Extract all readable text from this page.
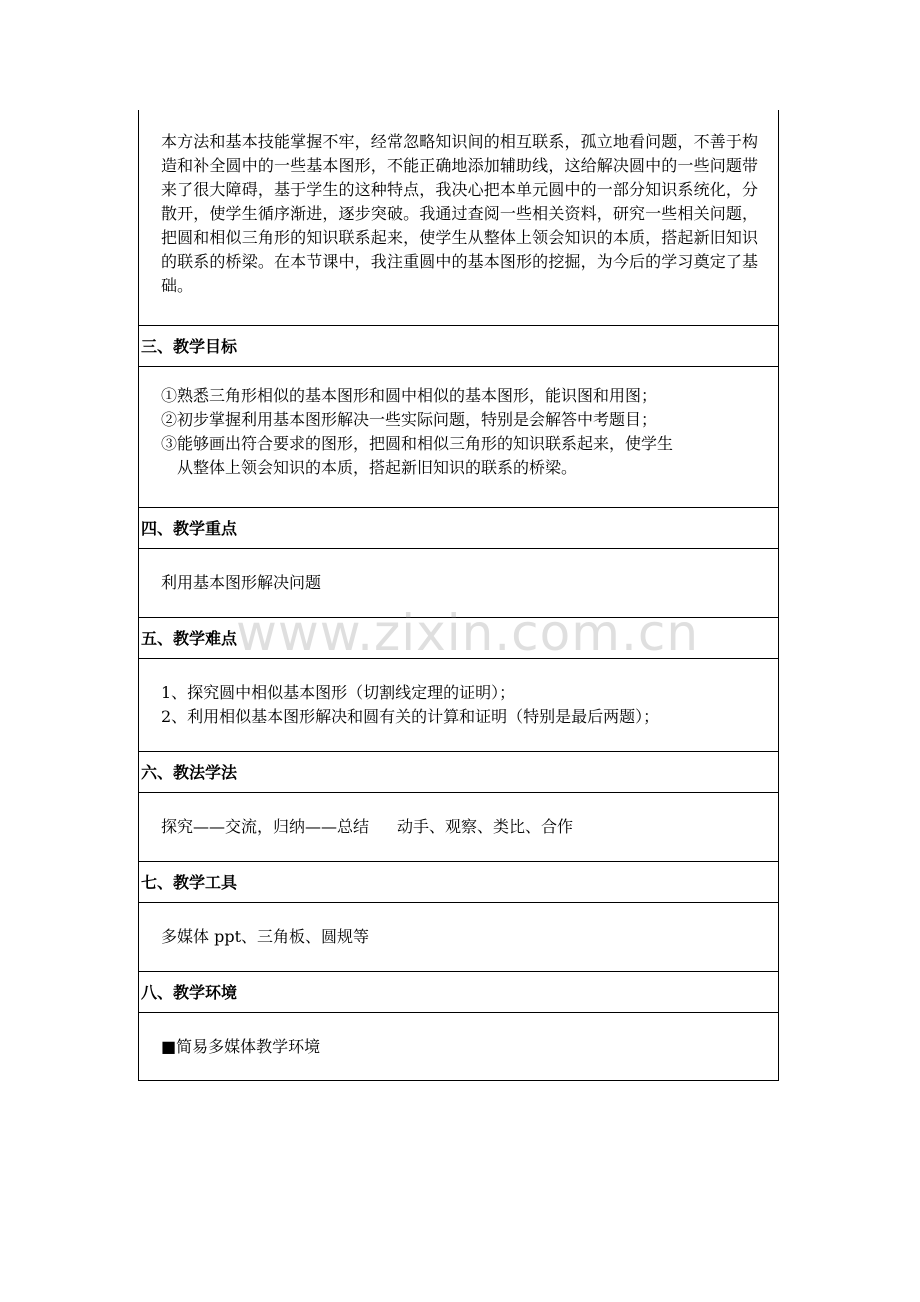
本方法和基本技能掌握不牢，经常忽略知识间的相互联系，孤立地看问题，不善于构造和补全圆中的一些基本图形，不能正确地添加辅助线，这给解决圆中的一些问题带来了很大障碍，基于学生的这种特点，我决心把本单元圆中的一部分知识系统化，分散开，使学生循序渐进，逐步突破。我通过查阅一些相关资料，研究一些相关问题，把圆和相似三角形的知识联系起来，使学生从整体上领会知识的本质，搭起新旧知识的联系的桥梁。在本节课中，我注重圆中的基本图形的挖掘，为今后的学习奠定了基础。
三、教学目标
①熟悉三角形相似的基本图形和圆中相似的基本图形，能识图和用图；
②初步掌握利用基本图形解决一些实际问题，特别是会解答中考题目；
③能够画出符合要求的图形，把圆和相似三角形的知识联系起来，使学生
从整体上领会知识的本质，搭起新旧知识的联系的桥梁。
四、教学重点
利用基本图形解决问题
五、教学难点
1、探究圆中相似基本图形（切割线定理的证明）；
2、利用相似基本图形解决和圆有关的计算和证明（特别是最后两题）；
六、教法学法
探究——交流，归纳——总结 动手、观察、类比、合作
七、教学工具
多媒体 ppt、三角板、圆规等
八、教学环境
■简易多媒体教学环境
www.zixin.com.cn
